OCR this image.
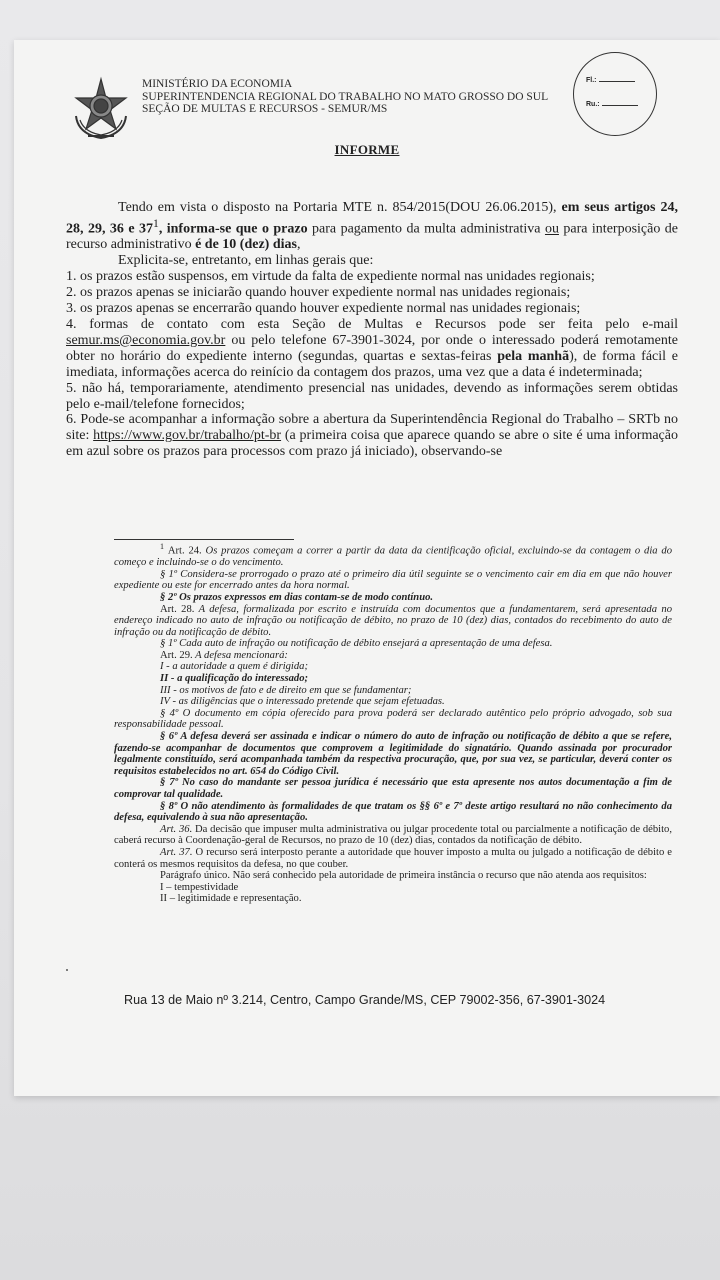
MINISTÉRIO DA ECONOMIA
SUPERINTENDENCIA REGIONAL DO TRABALHO NO MATO GROSSO DO SUL
SEÇÃO DE MULTAS E RECURSOS - SEMUR/MS
Fl.:
Ru.:
INFORME

Tendo em vista o disposto na Portaria MTE n. 854/2015(DOU 26.06.2015), em seus artigos 24, 28, 29, 36 e $37^1$, informa-se que o prazo para pagamento da multa administrativa ou para interposição de recurso administrativo é de 10 (dez) dias,

Explicita-se, entretanto, em linhas gerais que:

1. os prazos estão suspensos, em virtude da falta de expediente normal nas unidades regionais;

2. os prazos apenas se iniciarão quando houver expediente normal nas unidades regionais;

3. os prazos apenas se encerrarão quando houver expediente normal nas unidades regionais;

4. formas de contato com esta Seção de Multas e Recursos pode ser feita pelo e-mail semur.ms@economia.gov.br ou pelo telefone 67-3901-3024, por onde o interessado poderá remotamente obter no horário do expediente interno (segundas, quartas e sextas-feiras pela manhã), de forma fácil e imediata, informações acerca do reinício da contagem dos prazos, uma vez que a data é indeterminada;

5. não há, temporariamente, atendimento presencial nas unidades, devendo as informações serem obtidas pelo e-mail/telefone fornecidos;

6. Pode-se acompanhar a informação sobre a abertura da Superintendência Regional do Trabalho – SRTb no site: https://www.gov.br/trabalho/pt-br (a primeira coisa que aparece quando se abre o site é uma informação em azul sobre os prazos para processos com prazo já iniciado), observando-se

$^1$ Art. 24. Os prazos começam a correr a partir da data da cientificação oficial, excluindo-se da contagem o dia do começo e incluindo-se o do vencimento.

§ 1º Considera-se prorrogado o prazo até o primeiro dia útil seguinte se o vencimento cair em dia em que não houver expediente ou este for encerrado antes da hora normal.

§ 2º Os prazos expressos em dias contam-se de modo contínuo.

Art. 28. A defesa, formalizada por escrito e instruída com documentos que a fundamentarem, será apresentada no endereço indicado no auto de infração ou notificação de débito, no prazo de 10 (dez) dias, contados do recebimento do auto de infração ou da notificação de débito.

§ 1º Cada auto de infração ou notificação de débito ensejará a apresentação de uma defesa.

Art. 29. A defesa mencionará:

I - a autoridade a quem é dirigida;

II - a qualificação do interessado;

III - os motivos de fato e de direito em que se fundamentar;

IV - as diligências que o interessado pretende que sejam efetuadas.

§ 4º O documento em cópia oferecido para prova poderá ser declarado autêntico pelo próprio advogado, sob sua responsabilidade pessoal.

§ 6º A defesa deverá ser assinada e indicar o número do auto de infração ou notificação de débito a que se refere, fazendo-se acompanhar de documentos que comprovem a legitimidade do signatário. Quando assinada por procurador legalmente constituído, será acompanhada também da respectiva procuração, que, por sua vez, se particular, deverá conter os requisitos estabelecidos no art. 654 do Código Civil.

§ 7º No caso do mandante ser pessoa jurídica é necessário que esta apresente nos autos documentação a fim de comprovar tal qualidade.

§ 8º O não atendimento às formalidades de que tratam os §§ 6º e 7º deste artigo resultará no não conhecimento da defesa, equivalendo à sua não apresentação.

Art. 36. Da decisão que impuser multa administrativa ou julgar procedente total ou parcialmente a notificação de débito, caberá recurso à Coordenação-geral de Recursos, no prazo de 10 (dez) dias, contados da notificação de débito.

Art. 37. O recurso será interposto perante a autoridade que houver imposto a multa ou julgado a notificação de débito e conterá os mesmos requisitos da defesa, no que couber.

Parágrafo único. Não será conhecido pela autoridade de primeira instância o recurso que não atenda aos requisitos:

I – tempestividade

II – legitimidade e representação.

Rua 13 de Maio nº 3.214, Centro, Campo Grande/MS, CEP 79002-356, 67-3901-3024
